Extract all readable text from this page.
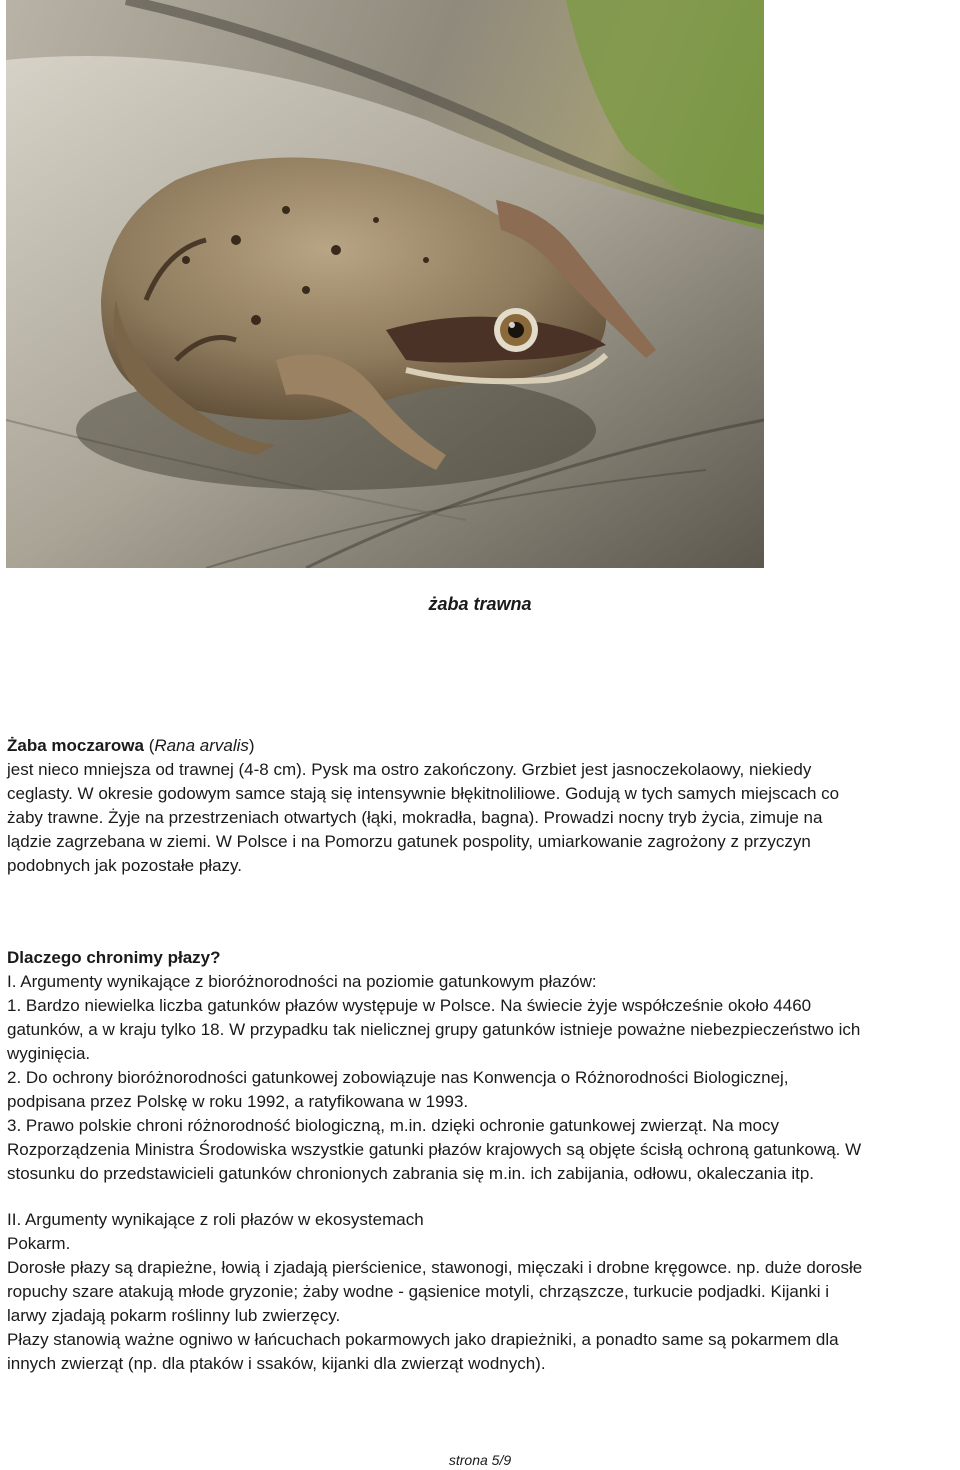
żaba trawna

Żaba moczarowa (Rana arvalis)

jest nieco mniejsza od trawnej (4-8 cm). Pysk ma ostro zakończony. Grzbiet jest jasnoczekolaowy, niekiedy

ceglasty. W okresie godowym samce stają się intensywnie błękitnoliliowe. Godują w tych samych miejscach co

żaby trawne. Żyje na przestrzeniach otwartych (łąki, mokradła, bagna). Prowadzi nocny tryb życia, zimuje na

lądzie zagrzebana w ziemi. W Polsce i na Pomorzu gatunek pospolity, umiarkowanie zagrożony z przyczyn

podobnych jak pozostałe płazy.

Dlaczego chronimy płazy?

I. Argumenty wynikające z bioróżnorodności na poziomie gatunkowym płazów:

1. Bardzo niewielka liczba gatunków płazów występuje w Polsce. Na świecie żyje współcześnie około 4460

gatunków, a w kraju tylko 18. W przypadku tak nielicznej grupy gatunków istnieje poważne niebezpieczeństwo ich

wyginięcia.

2. Do ochrony bioróżnorodności gatunkowej zobowiązuje nas Konwencja o Różnorodności Biologicznej,

podpisana przez Polskę w roku 1992, a ratyfikowana w 1993.

3. Prawo polskie chroni różnorodność biologiczną, m.in. dzięki ochronie gatunkowej zwierząt. Na mocy

Rozporządzenia Ministra Środowiska wszystkie gatunki płazów krajowych są objęte ścisłą ochroną gatunkową. W

stosunku do przedstawicieli gatunków chronionych zabrania się m.in. ich zabijania, odłowu, okaleczania itp.

II. Argumenty wynikające z roli płazów w ekosystemach

Pokarm.

Dorosłe płazy są drapieżne, łowią i zjadają pierścienice, stawonogi, mięczaki i drobne kręgowce. np. duże dorosłe

ropuchy szare atakują młode gryzonie; żaby wodne - gąsienice motyli, chrząszcze, turkucie podjadki. Kijanki i

larwy zjadają pokarm roślinny lub zwierzęcy.

Płazy stanowią ważne ogniwo w łańcuchach pokarmowych jako drapieżniki, a ponadto same są pokarmem dla

innych zwierząt (np. dla ptaków i ssaków, kijanki dla zwierząt wodnych).

strona 5/9
